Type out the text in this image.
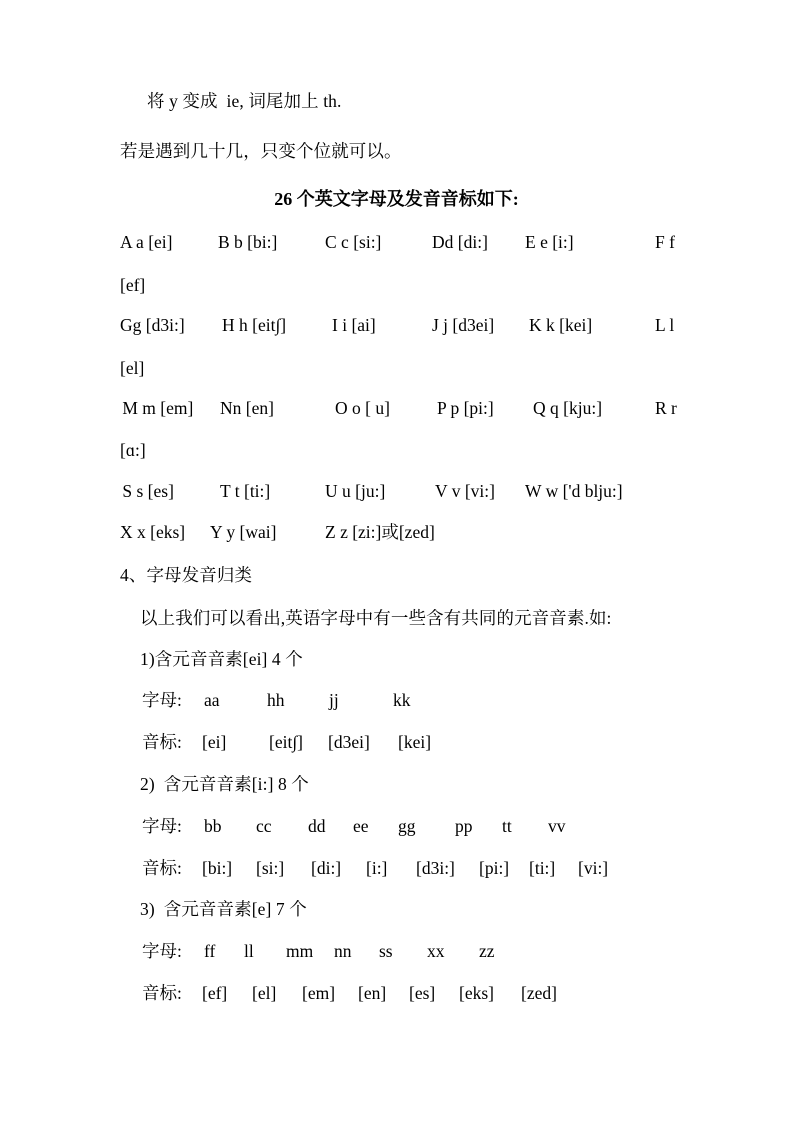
将 y 变成  ie, 词尾加上 th.
若是遇到几十几，只变个位就可以。
26 个英文字母及发音音标如下:
A a [ei]	B b [bi:]	C c [si:]	Dd [di:] E e [i:]	F f
[ef]
Gg [d3i:] H h [eit∫]	I i [ai]	J j [d3ei] K k [kei]	L l
[el]
M m [em] Nn [en]	O o [ u]	P p [pi:] Q q [kju:]	R r
[ɑ:]
S s [es]	T t [ti:]	U u [ju:]	V v [vi:] W w ['d blju:]
X x [eks] Y y [wai]	Z z [zi:]或[zed]
4、字母发音归类
以上我们可以看出,英语字母中有一些含有共同的元音音素.如:
1)含元音音素[ei] 4 个
字母: aa	hh	jj	kk
音标: [ei] [eit∫] [d3ei] [kei]
2)  含元音音素[i:] 8 个
字母: bb cc dd ee gg pp tt vv
音标: [bi:] [si:] [di:] [i:] [d3i:] [pi:] [ti:] [vi:]
3)  含元音音素[e] 7 个
字母: ff ll mm nn ss xx zz
音标: [ef] [el] [em] [en] [es] [eks] [zed]
